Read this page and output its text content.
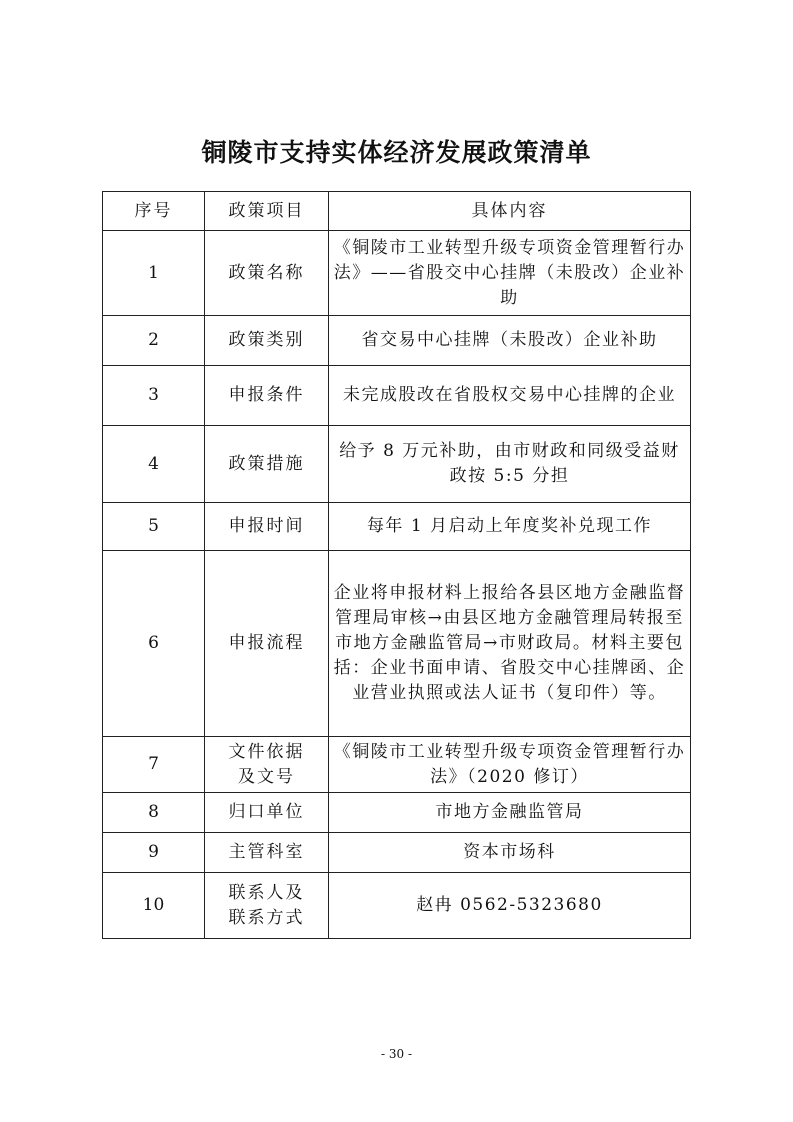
铜陵市支持实体经济发展政策清单
序号	政策项目	具体内容
1	政策名称	《铜陵市工业转型升级专项资金管理暂行办法》——省股交中心挂牌（未股改）企业补助
2	政策类别	省交易中心挂牌（未股改）企业补助
3	申报条件	未完成股改在省股权交易中心挂牌的企业
4	政策措施	给予 8 万元补助，由市财政和同级受益财政按 5:5 分担
5	申报时间	每年 1 月启动上年度奖补兑现工作
6	申报流程	企业将申报材料上报给各县区地方金融监督管理局审核→由县区地方金融管理局转报至市地方金融监管局→市财政局。材料主要包括：企业书面申请、省股交中心挂牌函、企业营业执照或法人证书（复印件）等。
7	文件依据及文号	《铜陵市工业转型升级专项资金管理暂行办法》（2020 修订）
8	归口单位	市地方金融监管局
9	主管科室	资本市场科
10	联系人及联系方式	赵冉 0562-5323680
- 30 -
